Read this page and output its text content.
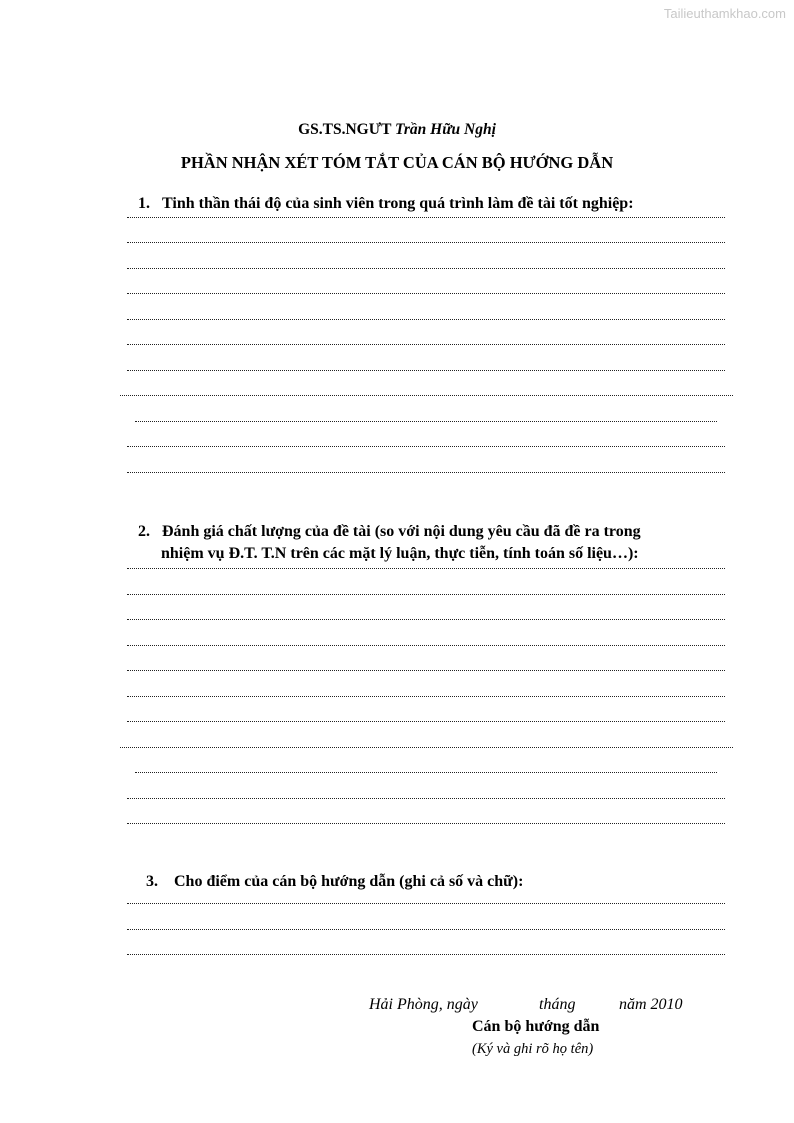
Tailieuthamkhao.com
GS.TS.NGƯT Trần Hữu Nghị
PHẦN NHẬN XÉT TÓM TẮT CỦA CÁN BỘ HƯỚNG DẪN
1. Tinh thần thái độ của sinh viên trong quá trình làm đề tài tốt nghiệp:
2. Đánh giá chất lượng của đề tài (so với nội dung yêu cầu đã đề ra trong
nhiệm vụ Đ.T. T.N trên các mặt lý luận, thực tiễn, tính toán số liệu…):
3. Cho điểm của cán bộ hướng dẫn (ghi cả số và chữ):
Hải Phòng, ngày	tháng	năm 2010
Cán bộ hướng dẫn
(Ký và ghi rõ họ tên)
